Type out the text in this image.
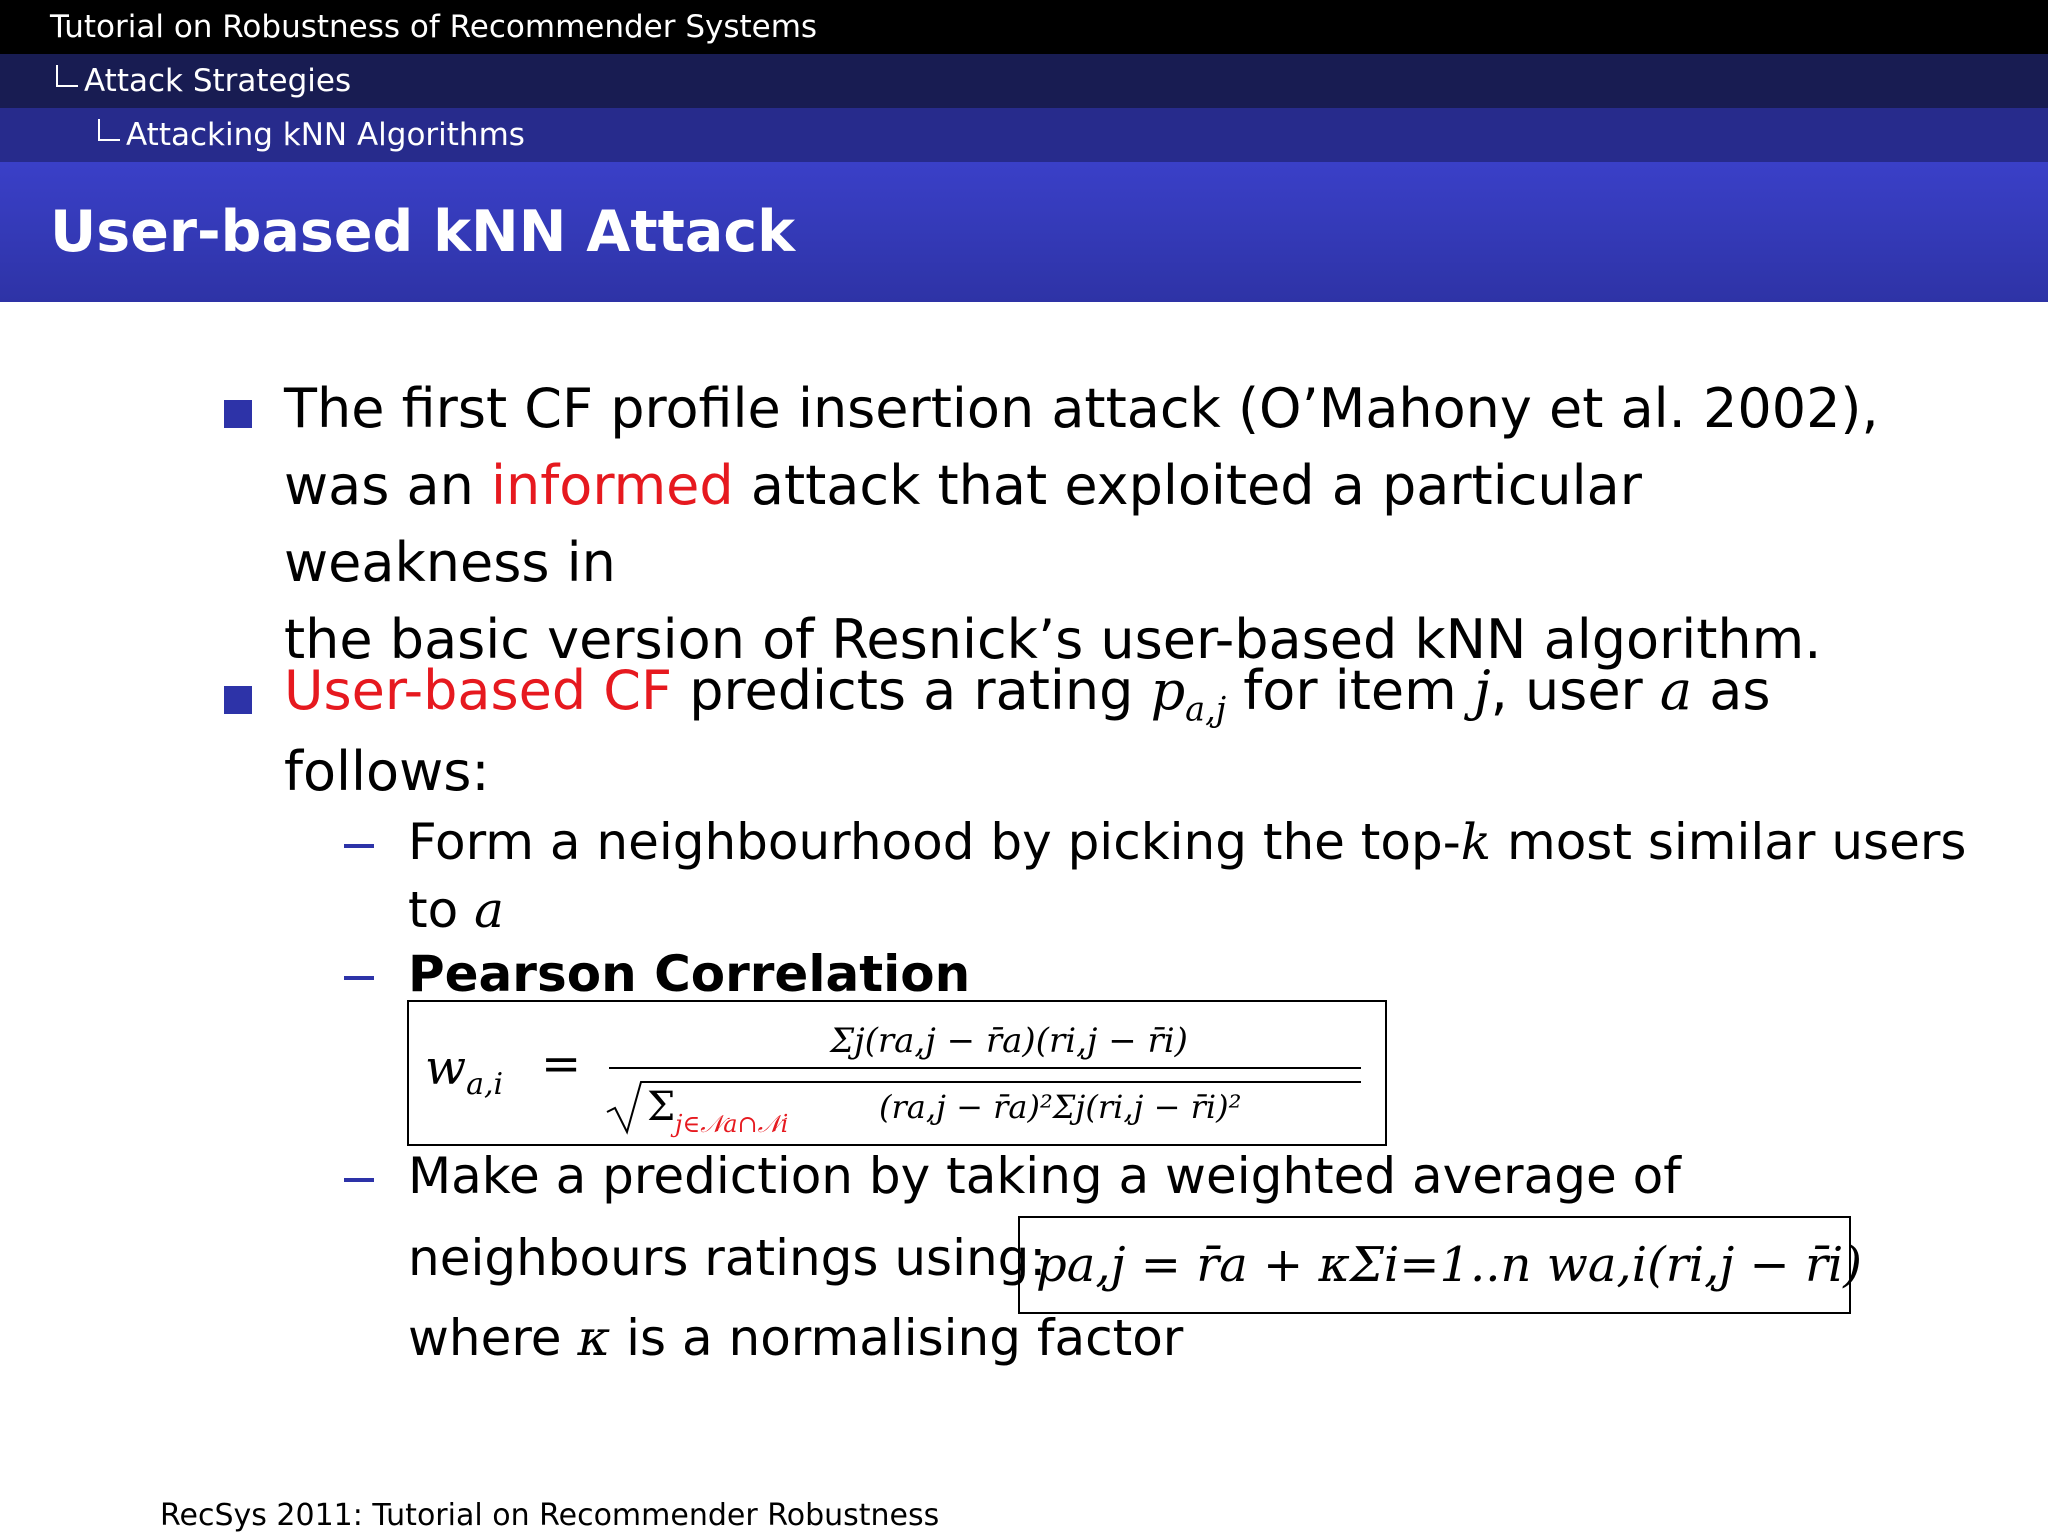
Tutorial on Robustness of Recommender Systems
Attack Strategies
Attacking kNN Algorithms
User-based kNN Attack
The first CF profile insertion attack (O’Mahony et al. 2002),
was an informed attack that exploited a particular weakness in
the basic version of Resnick’s user-based kNN algorithm.
User-based CF predicts a rating $p_{a,j}$ for item j, user a as
follows:
Form a neighbourhood by picking the top-k most similar users
to a
Pearson Correlation
$w_{a,i}$ =	Σj(ra,j − r̄a)(ri,j − r̄i)
Σ j∈𝒩a∩𝒩i	(ra,j − r̄a)²Σj(ri,j − r̄i)²
Make a prediction by taking a weighted average of
neighbours ratings using:
pa,j = r̄a + κΣi=1..n wa,i(ri,j − r̄i)
where κ is a normalising factor
RecSys 2011: Tutorial on Recommender Robustness
